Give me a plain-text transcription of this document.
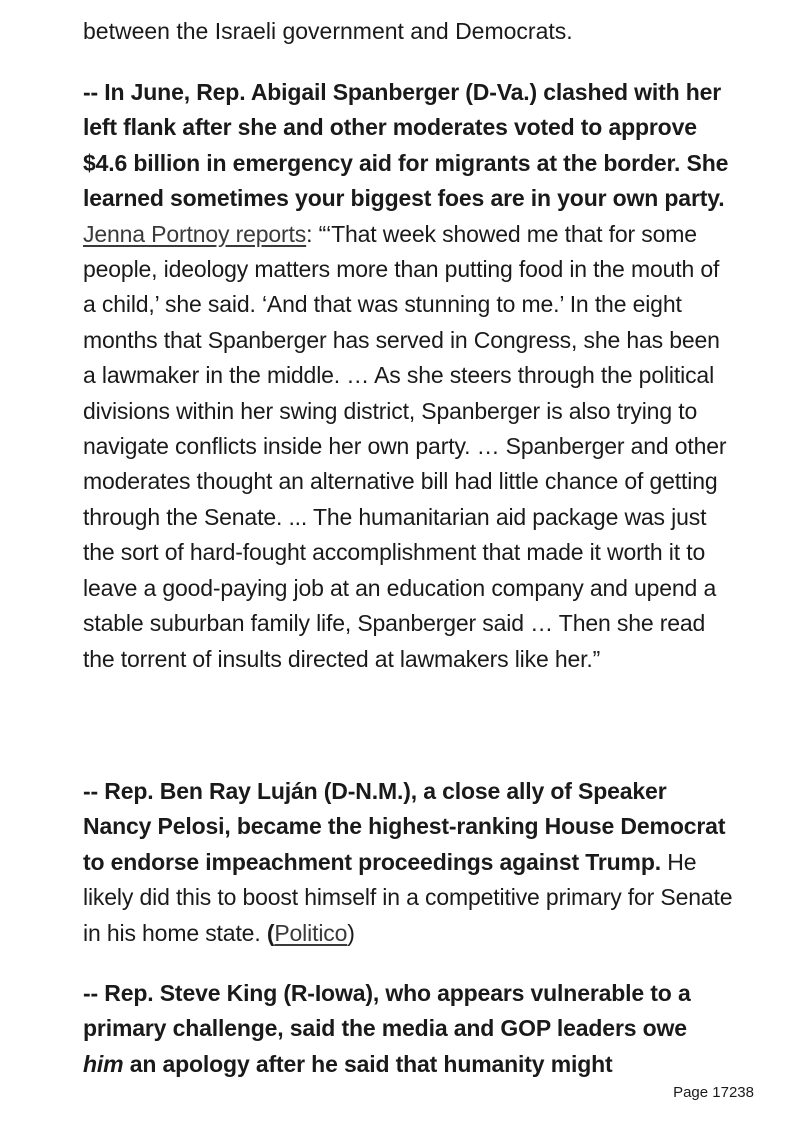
between the Israeli government and Democrats.
-- In June, Rep. Abigail Spanberger (D-Va.) clashed with her left flank after she and other moderates voted to approve $4.6 billion in emergency aid for migrants at the border. She learned sometimes your biggest foes are in your own party. Jenna Portnoy reports: “‘That week showed me that for some people, ideology matters more than putting food in the mouth of a child,’ she said. ‘And that was stunning to me.’ In the eight months that Spanberger has served in Congress, she has been a lawmaker in the middle. … As she steers through the political divisions within her swing district, Spanberger is also trying to navigate conflicts inside her own party. … Spanberger and other moderates thought an alternative bill had little chance of getting through the Senate. ... The humanitarian aid package was just the sort of hard-fought accomplishment that made it worth it to leave a good-paying job at an education company and upend a stable suburban family life, Spanberger said … Then she read the torrent of insults directed at lawmakers like her.”
-- Rep. Ben Ray Luján (D-N.M.), a close ally of Speaker Nancy Pelosi, became the highest-ranking House Democrat to endorse impeachment proceedings against Trump. He likely did this to boost himself in a competitive primary for Senate in his home state. (Politico)
-- Rep. Steve King (R-Iowa), who appears vulnerable to a primary challenge, said the media and GOP leaders owe him an apology after he said that humanity might
Page 17238
